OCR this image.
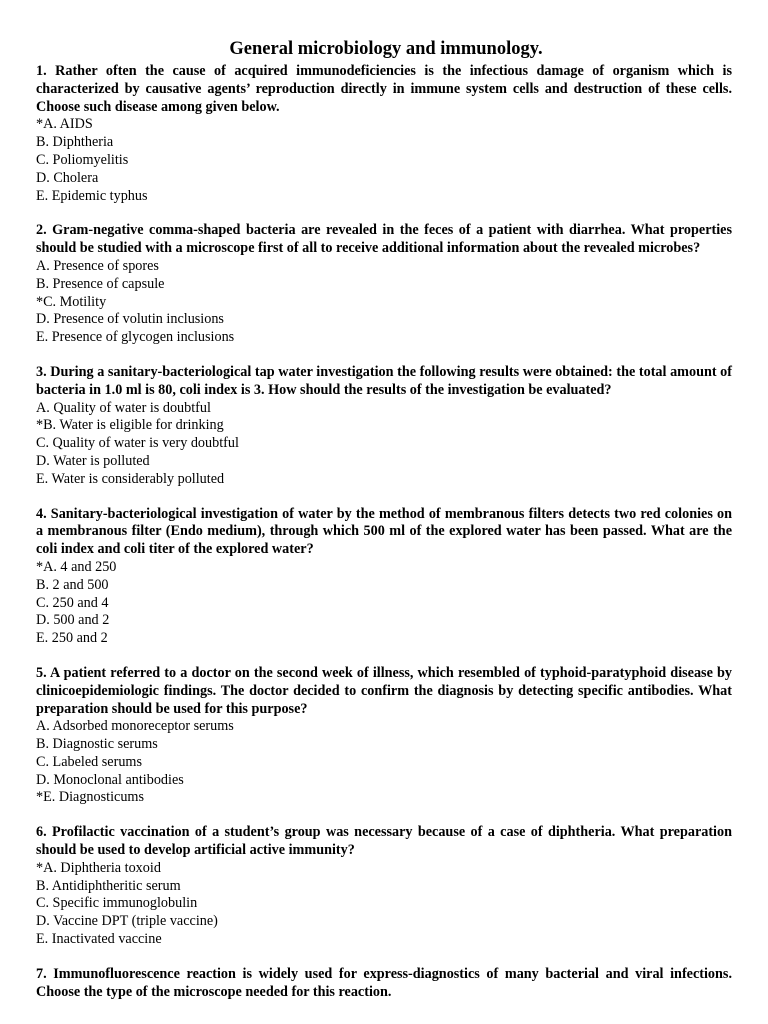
General microbiology and immunology.

1. Rather often the cause of acquired immunodeficiencies is the infectious damage of organism which is characterized by causative agents’ reproduction directly in immune system cells and destruction of these cells. Choose such disease among given below.

*A. AIDS
B. Diphtheria
C. Poliomyelitis
D. Cholera
E. Epidemic typhus

2. Gram-negative comma-shaped bacteria are revealed in the feces of a patient with diarrhea. What properties should be studied with a microscope first of all to receive additional information about the revealed microbes?

A. Presence of spores
B. Presence of capsule
*C. Motility
D. Presence of volutin inclusions
E. Presence of glycogen inclusions

3. During a sanitary-bacteriological tap water investigation the following results were obtained: the total amount of bacteria in 1.0 ml is 80, coli index is 3. How should the results of the investigation be evaluated?

A. Quality of water is doubtful
*B. Water is eligible for drinking
C. Quality of water is very doubtful
D. Water is polluted
E. Water is considerably polluted

4. Sanitary-bacteriological investigation of water by the method of membranous filters detects two red colonies on a membranous filter (Endo medium), through which 500 ml of the explored water has been passed. What are the coli index and coli titer of the explored water?

*A. 4 and 250
B. 2 and 500
C. 250 and 4
D. 500 and 2
E. 250 and 2

5. A patient referred to a doctor on the second week of illness, which resembled of typhoid-paratyphoid disease by clinicoepidemiologic findings. The doctor decided to confirm the diagnosis by detecting specific antibodies. What preparation should be used for this purpose?

A. Adsorbed monoreceptor serums
B. Diagnostic serums
C. Labeled serums
D. Monoclonal antibodies
*E. Diagnosticums

6. Profilactic vaccination of a student’s group was necessary because of a case of diphtheria. What preparation should be used to develop artificial active immunity?

*A. Diphtheria toxoid
B. Antidiphtheritic serum
C. Specific immunoglobulin
D. Vaccine DPT (triple vaccine)
E. Inactivated vaccine

7. Immunofluorescence reaction is widely used for express-diagnostics of many bacterial and viral infections. Choose the type of the microscope needed for this reaction.
